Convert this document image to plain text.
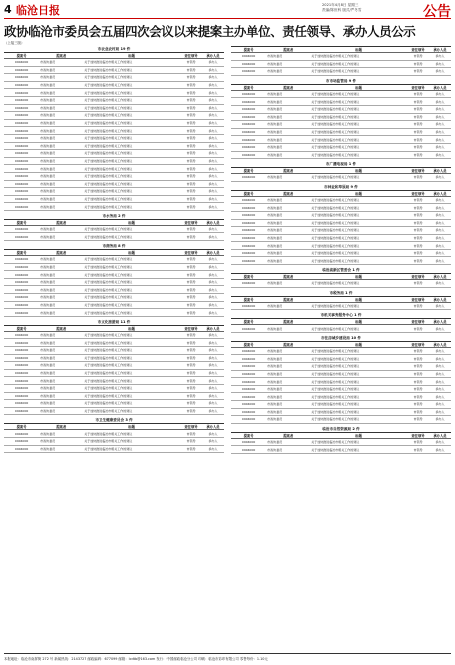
4 临沧日报	2021年4月8日 星期三
责编/陈世科 版式/严冬雪	公告
政协临沧市委员会五届四次会议以来提案主办单位、责任领导、承办人员公示
（上接三版）
市农业农村局 19 件
提案号	提案者	标题	责任领导	承办人员
0904000	市政协委员	关于加快推进临沧市相关工作的建议	市领导	承办人
0904000	市政协委员	关于加快推进临沧市相关工作的建议	市领导	承办人
0904000	市政协委员	关于加快推进临沧市相关工作的建议	市领导	承办人
0904000	市政协委员	关于加快推进临沧市相关工作的建议	市领导	承办人
0904000	市政协委员	关于加快推进临沧市相关工作的建议	市领导	承办人
0904000	市政协委员	关于加快推进临沧市相关工作的建议	市领导	承办人
0904000	市政协委员	关于加快推进临沧市相关工作的建议	市领导	承办人
0904000	市政协委员	关于加快推进临沧市相关工作的建议	市领导	承办人
0904000	市政协委员	关于加快推进临沧市相关工作的建议	市领导	承办人
0904000	市政协委员	关于加快推进临沧市相关工作的建议	市领导	承办人
0904000	市政协委员	关于加快推进临沧市相关工作的建议	市领导	承办人
0904000	市政协委员	关于加快推进临沧市相关工作的建议	市领导	承办人
0904000	市政协委员	关于加快推进临沧市相关工作的建议	市领导	承办人
0904000	市政协委员	关于加快推进临沧市相关工作的建议	市领导	承办人
0904000	市政协委员	关于加快推进临沧市相关工作的建议	市领导	承办人
0904000	市政协委员	关于加快推进临沧市相关工作的建议	市领导	承办人
0904000	市政协委员	关于加快推进临沧市相关工作的建议	市领导	承办人
0904000	市政协委员	关于加快推进临沧市相关工作的建议	市领导	承办人
0904000	市政协委员	关于加快推进临沧市相关工作的建议	市领导	承办人
0904000	市政协委员	关于加快推进临沧市相关工作的建议	市领导	承办人
市水务局 2 件
提案号	提案者	标题	责任领导	承办人员
0904000	市政协委员	关于加快推进临沧市相关工作的建议	市领导	承办人
0904000	市政协委员	关于加快推进临沧市相关工作的建议	市领导	承办人
市商务局 8 件
提案号	提案者	标题	责任领导	承办人员
0904000	市政协委员	关于加快推进临沧市相关工作的建议	市领导	承办人
0904000	市政协委员	关于加快推进临沧市相关工作的建议	市领导	承办人
0904000	市政协委员	关于加快推进临沧市相关工作的建议	市领导	承办人
0904000	市政协委员	关于加快推进临沧市相关工作的建议	市领导	承办人
0904000	市政协委员	关于加快推进临沧市相关工作的建议	市领导	承办人
0904000	市政协委员	关于加快推进临沧市相关工作的建议	市领导	承办人
0904000	市政协委员	关于加快推进临沧市相关工作的建议	市领导	承办人
0904000	市政协委员	关于加快推进临沧市相关工作的建议	市领导	承办人
市文化旅游局 11 件
提案号	提案者	标题	责任领导	承办人员
0904000	市政协委员	关于加快推进临沧市相关工作的建议	市领导	承办人
0904000	市政协委员	关于加快推进临沧市相关工作的建议	市领导	承办人
0904000	市政协委员	关于加快推进临沧市相关工作的建议	市领导	承办人
0904000	市政协委员	关于加快推进临沧市相关工作的建议	市领导	承办人
0904000	市政协委员	关于加快推进临沧市相关工作的建议	市领导	承办人
0904000	市政协委员	关于加快推进临沧市相关工作的建议	市领导	承办人
0904000	市政协委员	关于加快推进临沧市相关工作的建议	市领导	承办人
0904000	市政协委员	关于加快推进临沧市相关工作的建议	市领导	承办人
0904000	市政协委员	关于加快推进临沧市相关工作的建议	市领导	承办人
0904000	市政协委员	关于加快推进临沧市相关工作的建议	市领导	承办人
0904000	市政协委员	关于加快推进临沧市相关工作的建议	市领导	承办人
市卫生健康委员会 3 件
提案号	提案者	标题	责任领导	承办人员
0904000	市政协委员	关于加快推进临沧市相关工作的建议	市领导	承办人
0904000	市政协委员	关于加快推进临沧市相关工作的建议	市领导	承办人
0904000	市政协委员	关于加快推进临沧市相关工作的建议	市领导	承办人
提案号	提案者	标题	责任领导	承办人员
0904000	市政协委员	关于加快推进临沧市相关工作的建议	市领导	承办人
0904000	市政协委员	关于加快推进临沧市相关工作的建议	市领导	承办人
0904000	市政协委员	关于加快推进临沧市相关工作的建议	市领导	承办人
市市场监管局 9 件
提案号	提案者	标题	责任领导	承办人员
0904000	市政协委员	关于加快推进临沧市相关工作的建议	市领导	承办人
0904000	市政协委员	关于加快推进临沧市相关工作的建议	市领导	承办人
0904000	市政协委员	关于加快推进临沧市相关工作的建议	市领导	承办人
0904000	市政协委员	关于加快推进临沧市相关工作的建议	市领导	承办人
0904000	市政协委员	关于加快推进临沧市相关工作的建议	市领导	承办人
0904000	市政协委员	关于加快推进临沧市相关工作的建议	市领导	承办人
0904000	市政协委员	关于加快推进临沧市相关工作的建议	市领导	承办人
0904000	市政协委员	关于加快推进临沧市相关工作的建议	市领导	承办人
0904000	市政协委员	关于加快推进临沧市相关工作的建议	市领导	承办人
市广播电视局 1 件
提案号	提案者	标题	责任领导	承办人员
0904000	市政协委员	关于加快推进临沧市相关工作的建议	市领导	承办人
市林业和草原局 9 件
提案号	提案者	标题	责任领导	承办人员
0904000	市政协委员	关于加快推进临沧市相关工作的建议	市领导	承办人
0904000	市政协委员	关于加快推进临沧市相关工作的建议	市领导	承办人
0904000	市政协委员	关于加快推进临沧市相关工作的建议	市领导	承办人
0904000	市政协委员	关于加快推进临沧市相关工作的建议	市领导	承办人
0904000	市政协委员	关于加快推进临沧市相关工作的建议	市领导	承办人
0904000	市政协委员	关于加快推进临沧市相关工作的建议	市领导	承办人
0904000	市政协委员	关于加快推进临沧市相关工作的建议	市领导	承办人
0904000	市政协委员	关于加快推进临沧市相关工作的建议	市领导	承办人
0904000	市政协委员	关于加快推进临沧市相关工作的建议	市领导	承办人
临沧高新区管委会 1 件
提案号	提案者	标题	责任领导	承办人员
0904000	市政协委员	关于加快推进临沧市相关工作的建议	市领导	承办人
市税务局 1 件
提案号	提案者	标题	责任领导	承办人员
0904000	市政协委员	关于加快推进临沧市相关工作的建议	市领导	承办人
市机关事务服务中心 1 件
提案号	提案者	标题	责任领导	承办人员
0904000	市政协委员	关于加快推进临沧市相关工作的建议	市领导	承办人
市住房城乡建设局 10 件
提案号	提案者	标题	责任领导	承办人员
0904000	市政协委员	关于加快推进临沧市相关工作的建议	市领导	承办人
0904000	市政协委员	关于加快推进临沧市相关工作的建议	市领导	承办人
0904000	市政协委员	关于加快推进临沧市相关工作的建议	市领导	承办人
0904000	市政协委员	关于加快推进临沧市相关工作的建议	市领导	承办人
0904000	市政协委员	关于加快推进临沧市相关工作的建议	市领导	承办人
0904000	市政协委员	关于加快推进临沧市相关工作的建议	市领导	承办人
0904000	市政协委员	关于加快推进临沧市相关工作的建议	市领导	承办人
0904000	市政协委员	关于加快推进临沧市相关工作的建议	市领导	承办人
0904000	市政协委员	关于加快推进临沧市相关工作的建议	市领导	承办人
0904000	市政协委员	关于加快推进临沧市相关工作的建议	市领导	承办人
临沧市自然资源局 2 件
提案号	提案者	标题	责任领导	承办人员
0904000	市政协委员	关于加快推进临沧市相关工作的建议	市领导	承办人
0904000	市政协委员	关于加快推进临沧市相关工作的建议	市领导	承办人
本报地址：临沧市南屏街 272 号 新闻热线：2143727 邮政编码：677099 邮箱：lcdtb@163.com 发行：中国邮政临沧分公司 印刷：临沧市彩印有限公司 零售每份：1.10元
